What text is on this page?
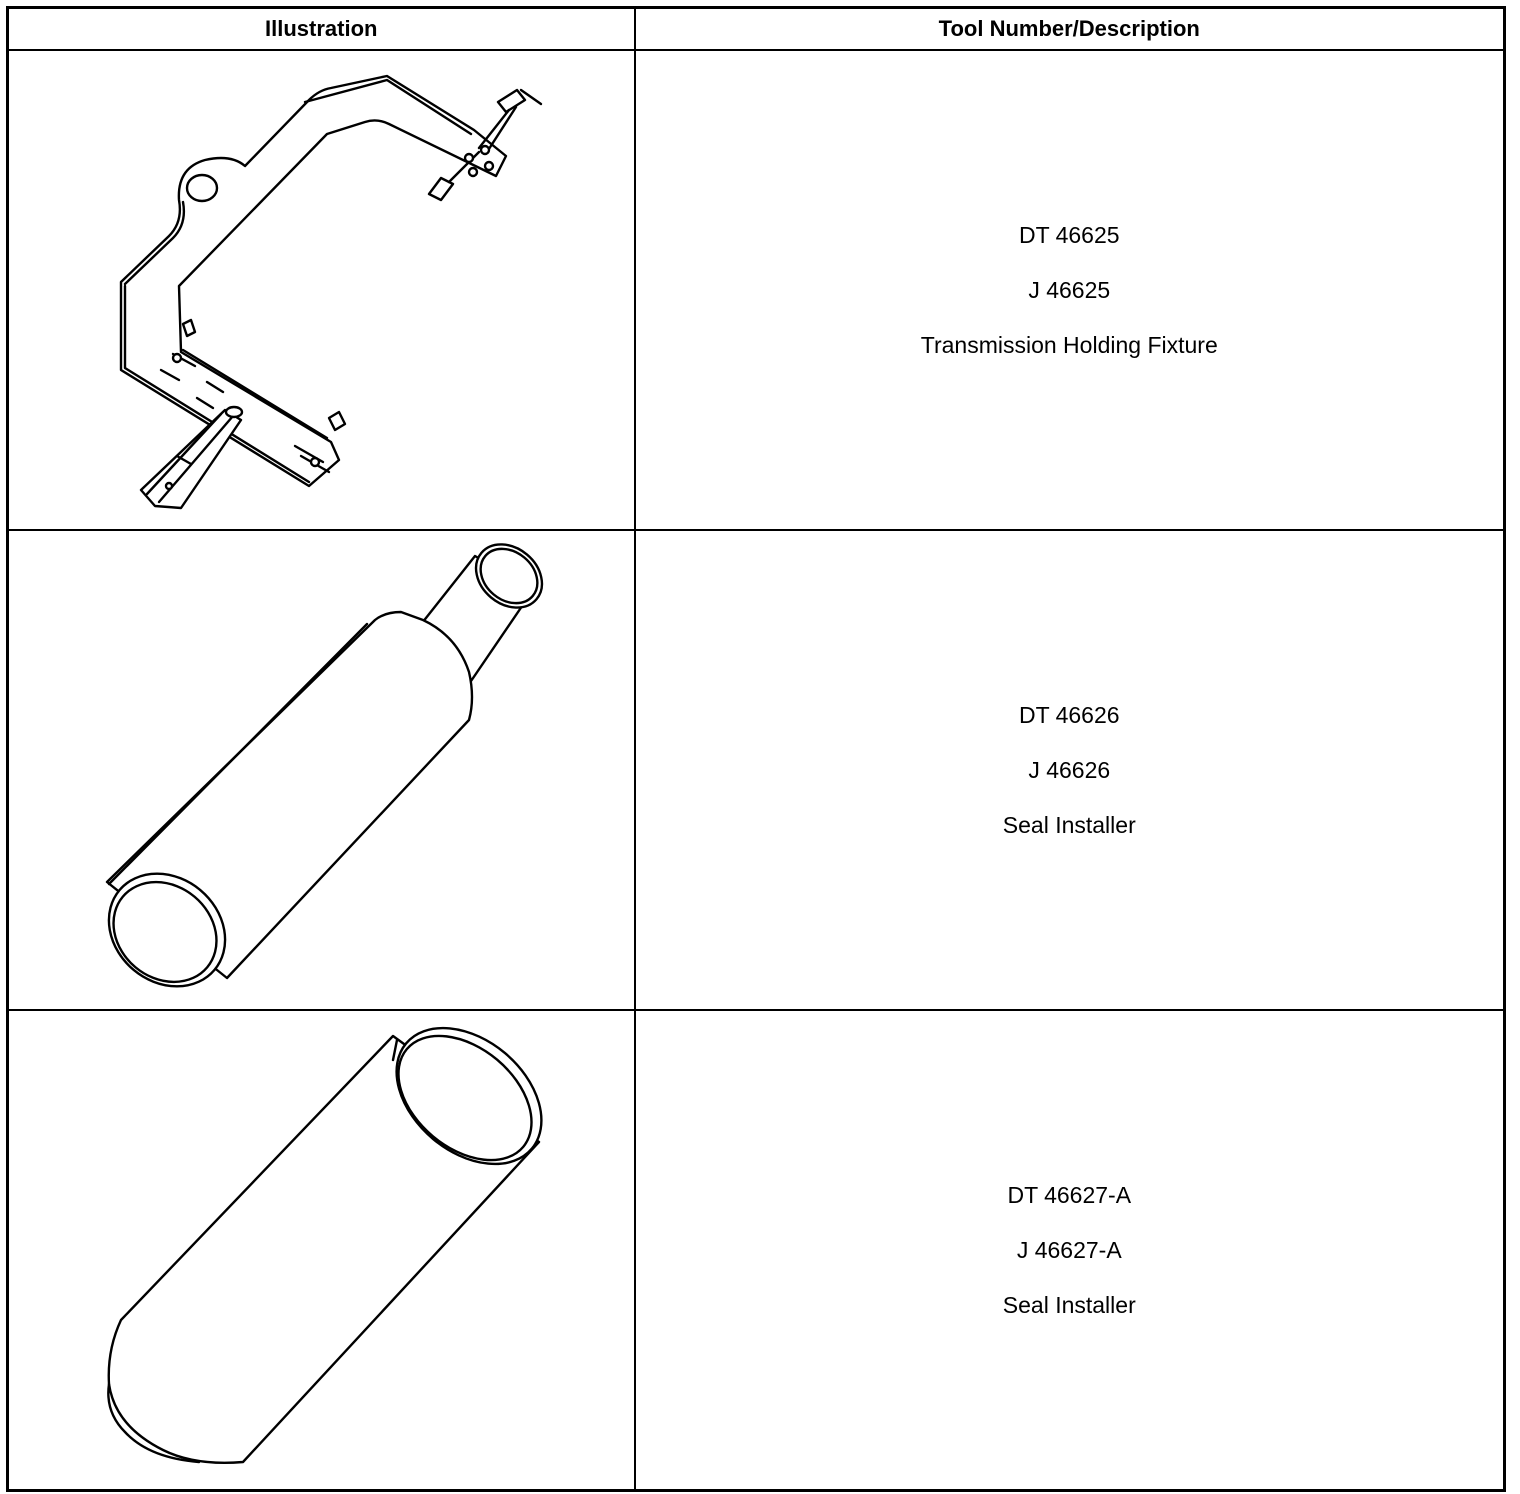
Illustration	Tool Number/Description

DT 46625
J 46625
Transmission Holding Fixture

DT 46626
J 46626
Seal Installer

DT 46627-A
J 46627-A
Seal Installer
